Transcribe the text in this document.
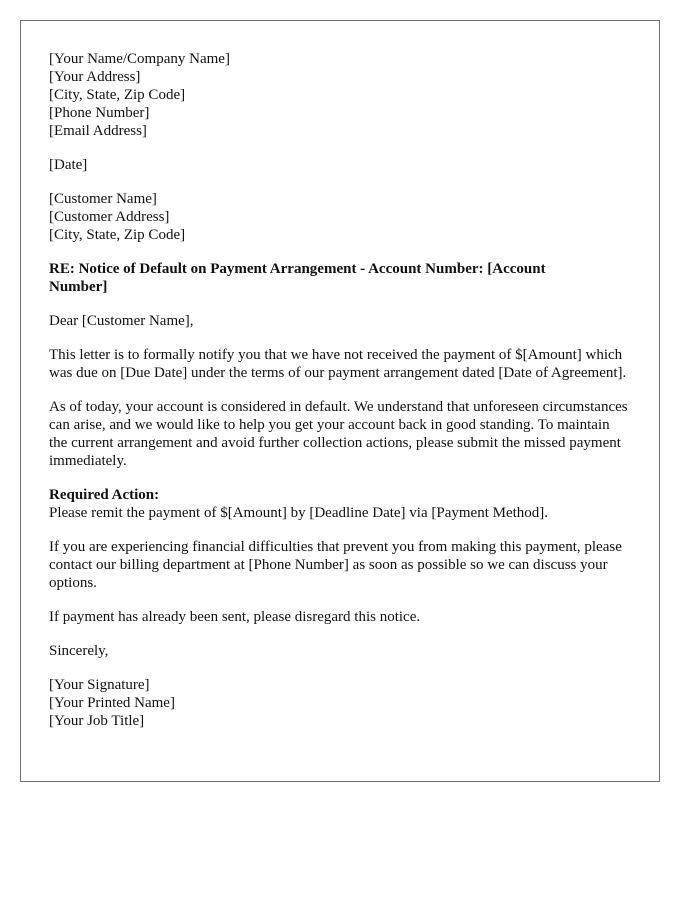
[Your Name/Company Name]
[Your Address]
[City, State, Zip Code]
[Phone Number]
[Email Address]
[Date]
[Customer Name]
[Customer Address]
[City, State, Zip Code]
RE: Notice of Default on Payment Arrangement - Account Number: [Account
Number]

Dear [Customer Name],

This letter is to formally notify you that we have not received the payment of $[Amount] which was due on [Due Date] under the terms of our payment arrangement dated [Date of Agreement].

As of today, your account is considered in default. We understand that unforeseen circumstances can arise, and we would like to help you get your account back in good standing. To maintain the current arrangement and avoid further collection actions, please submit the missed payment immediately.

Required Action:
Please remit the payment of $[Amount] by [Deadline Date] via [Payment Method].

If you are experiencing financial difficulties that prevent you from making this payment, please contact our billing department at [Phone Number] as soon as possible so we can discuss your options.

If payment has already been sent, please disregard this notice.

Sincerely,

[Your Signature]
[Your Printed Name]
[Your Job Title]
